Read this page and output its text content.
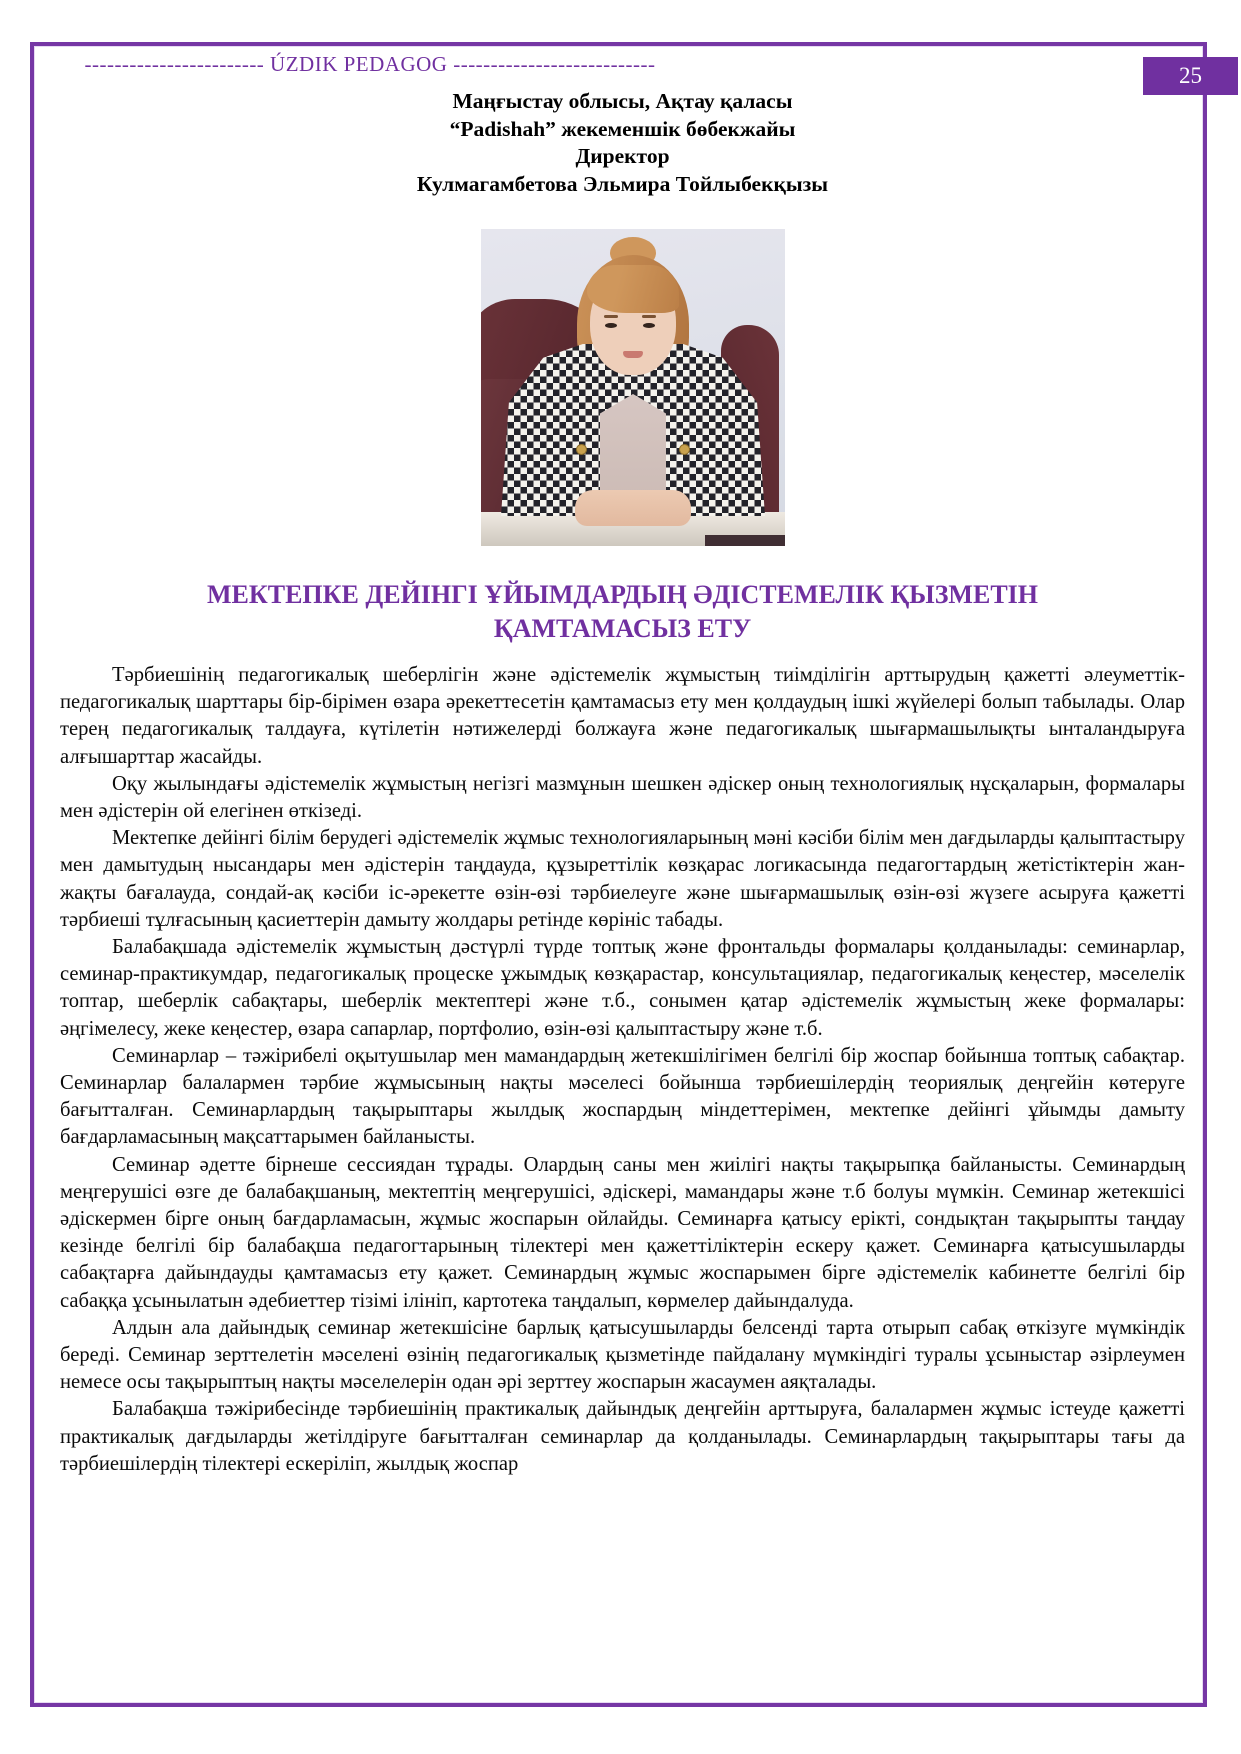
------------------------ ÚZDIK PEDAGOG ---------------------------	25
Маңғыстау облысы, Ақтау қаласы
“Padishah” жекеменшік бөбекжайы
Директор
Кулмагамбетова Эльмира Тойлыбекқызы
МЕКТЕПКЕ ДЕЙІНГІ ҰЙЫМДАРДЫҢ ӘДІСТЕМЕЛІК ҚЫЗМЕТІН
ҚАМТАМАСЫЗ ЕТУ

Тәрбиешінің педагогикалық шеберлігін және әдістемелік жұмыстың тиімділігін арттырудың қажетті әлеуметтік-педагогикалық шарттары бір-бірімен өзара әрекеттесетін қамтамасыз ету мен қолдаудың ішкі жүйелері болып табылады. Олар терең педагогикалық талдауға, күтілетін нәтижелерді болжауға және педагогикалық шығармашылықты ынталандыруға алғышарттар жасайды.

Оқу жылындағы әдістемелік жұмыстың негізгі мазмұнын шешкен әдіскер оның технологиялық нұсқаларын, формалары мен әдістерін ой елегінен өткізеді.

Мектепке дейінгі білім берудегі әдістемелік жұмыс технологияларының мәні кәсіби білім мен дағдыларды қалыптастыру мен дамытудың нысандары мен әдістерін таңдауда, құзыреттілік көзқарас логикасында педагогтардың жетістіктерін жан-жақты бағалауда, сондай-ақ кәсіби іс-әрекетте өзін-өзі тәрбиелеуге және шығармашылық өзін-өзі жүзеге асыруға қажетті тәрбиеші тұлғасының қасиеттерін дамыту жолдары ретінде көрініс табады.

Балабақшада әдістемелік жұмыстың дәстүрлі түрде топтық және фронтальды формалары қолданылады: семинарлар, семинар-практикумдар, педагогикалық процеске ұжымдық көзқарастар, консультациялар, педагогикалық кеңестер, мәселелік топтар, шеберлік сабақтары, шеберлік мектептері және т.б., сонымен қатар әдістемелік жұмыстың жеке формалары: әңгімелесу, жеке кеңестер, өзара сапарлар, портфолио, өзін-өзі қалыптастыру және т.б.

Семинарлар – тәжірибелі оқытушылар мен мамандардың жетекшілігімен белгілі бір жоспар бойынша топтық сабақтар. Семинарлар балалармен тәрбие жұмысының нақты мәселесі бойынша тәрбиешілердің теориялық деңгейін көтеруге бағытталған. Семинарлардың тақырыптары жылдық жоспардың міндеттерімен, мектепке дейінгі ұйымды дамыту бағдарламасының мақсаттарымен байланысты.

Семинар әдетте бірнеше сессиядан тұрады. Олардың саны мен жиілігі нақты тақырыпқа байланысты. Семинардың меңгерушісі өзге де балабақшаның, мектептің меңгерушісі, әдіскері, мамандары және т.б болуы мүмкін. Семинар жетекшісі әдіскермен бірге оның бағдарламасын, жұмыс жоспарын ойлайды. Семинарға қатысу ерікті, сондықтан тақырыпты таңдау кезінде белгілі бір балабақша педагогтарының тілектері мен қажеттіліктерін ескеру қажет. Семинарға қатысушыларды сабақтарға дайындауды қамтамасыз ету қажет. Семинардың жұмыс жоспарымен бірге әдістемелік кабинетте белгілі бір сабаққа ұсынылатын әдебиеттер тізімі ілініп, картотека таңдалып, көрмелер дайындалуда.

Алдын ала дайындық семинар жетекшісіне барлық қатысушыларды белсенді тарта отырып сабақ өткізуге мүмкіндік береді. Семинар зерттелетін мәселені өзінің педагогикалық қызметінде пайдалану мүмкіндігі туралы ұсыныстар әзірлеумен немесе осы тақырыптың нақты мәселелерін одан әрі зерттеу жоспарын жасаумен аяқталады.

Балабақша тәжірибесінде тәрбиешінің практикалық дайындық деңгейін арттыруға, балалармен жұмыс істеуде қажетті практикалық дағдыларды жетілдіруге бағытталған семинарлар да қолданылады. Семинарлардың тақырыптары тағы да тәрбиешілердің тілектері ескеріліп, жылдық жоспар
